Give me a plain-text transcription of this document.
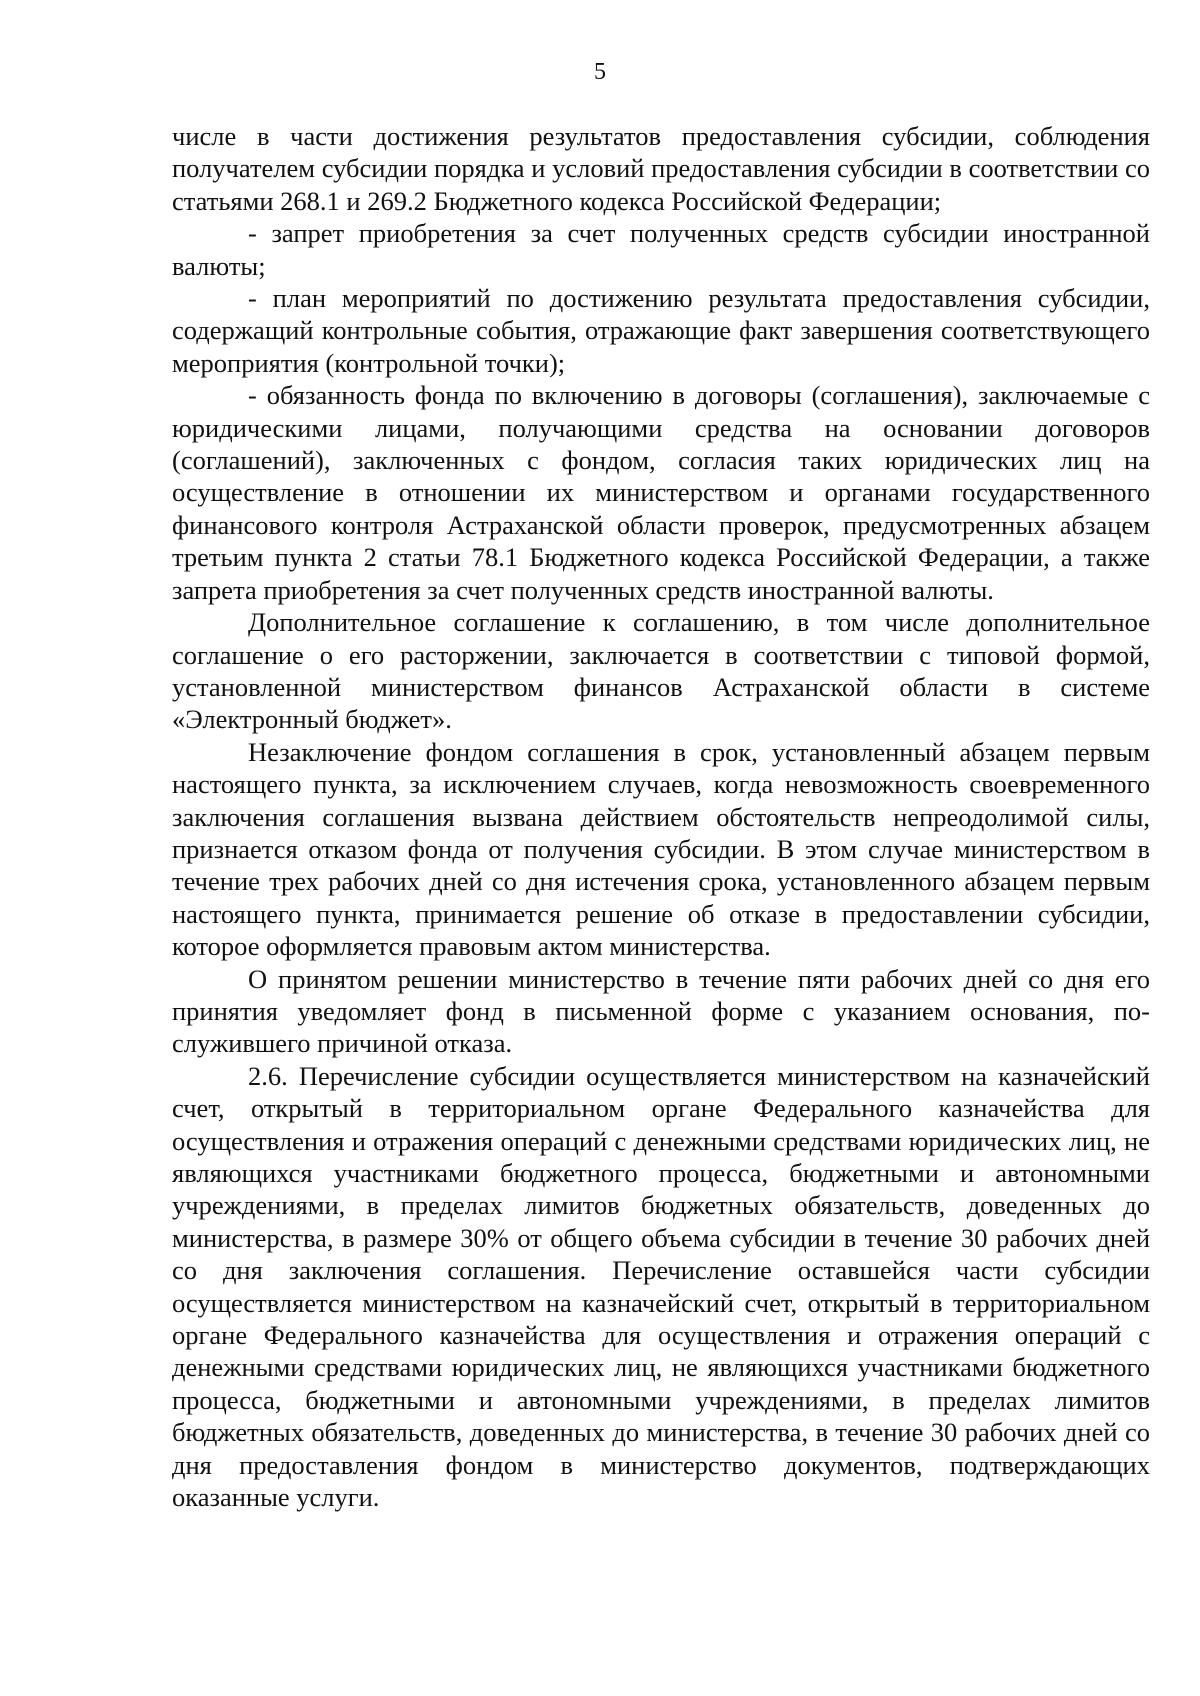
5

числе в части достижения результатов предоставления субсидии, соблюдения получателем субсидии порядка и условий предоставления субсидии в соответствии со статьями 268.1 и 269.2 Бюджетного кодекса Российской Федерации;

- запрет приобретения за счет полученных средств субсидии иностранной валюты;

- план мероприятий по достижению результата предоставления субсидии, содержащий контрольные события, отражающие факт завершения соответствующего мероприятия (контрольной точки);

- обязанность фонда по включению в договоры (соглашения), заключаемые с юридическими лицами, получающими средства на основании договоров (соглашений), заключенных с фондом, согласия таких юридических лиц на осуществление в отношении их министерством и органами государственного финансового контроля Астраханской области проверок, предусмотренных абзацем третьим пункта 2 статьи 78.1 Бюджетного кодекса Российской Федерации, а также запрета приобретения за счет полученных средств иностранной валюты.

Дополнительное соглашение к соглашению, в том числе дополнительное соглашение о его расторжении, заключается в соответствии с типовой формой, установленной министерством финансов Астраханской области в системе «Электронный бюджет».

Незаключение фондом соглашения в срок, установленный абзацем первым настоящего пункта, за исключением случаев, когда невозможность своевременного заключения соглашения вызвана действием обстоятельств непреодолимой силы, признается отказом фонда от получения субсидии. В этом случае министерством в течение трех рабочих дней со дня истечения срока, установленного абзацем первым настоящего пункта, принимается решение об отказе в предоставлении субсидии, которое оформляется правовым актом министерства.

О принятом решении министерство в течение пяти рабочих дней со дня его принятия уведомляет фонд в письменной форме с указанием основания, послужившего причиной отказа.

2.6. Перечисление субсидии осуществляется министерством на казначейский счет, открытый в территориальном органе Федерального казначейства для осуществления и отражения операций с денежными средствами юридических лиц, не являющихся участниками бюджетного процесса, бюджетными и автономными учреждениями, в пределах лимитов бюджетных обязательств, доведенных до министерства, в размере 30% от общего объема субсидии в течение 30 рабочих дней со дня заключения соглашения. Перечисление оставшейся части субсидии осуществляется министерством на казначейский счет, открытый в территориальном органе Федерального казначейства для осуществления и отражения операций с денежными средствами юридических лиц, не являющихся участниками бюджетного процесса, бюджетными и автономными учреждениями, в пределах лимитов бюджетных обязательств, доведенных до министерства, в течение 30 рабочих дней со дня предоставления фондом в министерство документов, подтверждающих оказанные услуги.
